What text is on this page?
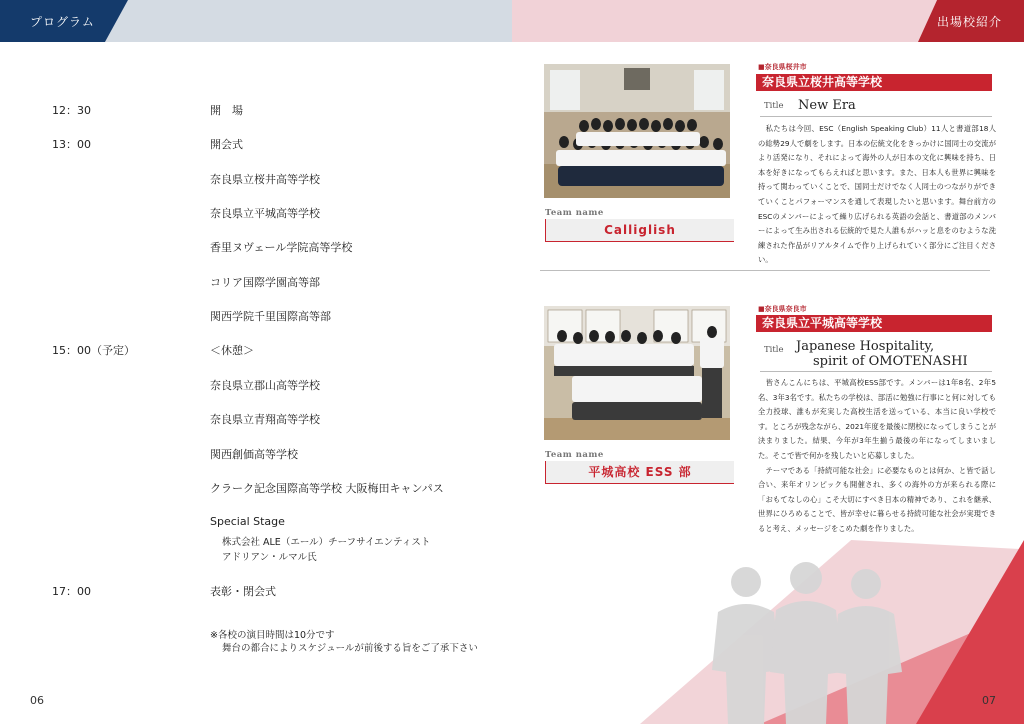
プログラム	出場校紹介
12：30
13：00
15：00（予定）
17：00
開　場
開会式
奈良県立桜井高等学校
奈良県立平城高等学校
香里ヌヴェール学院高等学校
コリア国際学園高等部
関西学院千里国際高等部
＜休憩＞
奈良県立郡山高等学校
奈良県立青翔高等学校
関西創価高等学校
クラーク記念国際高等学校 大阪梅田キャンパス
Special Stage
株式会社 ALE（エール）チーフサイエンティスト
アドリアン・ルマル氏
表彰・閉会式
※各校の演目時間は10分です
舞台の都合によりスケジュールが前後する旨をご了承下さい
06
Team name
Calliglish
■奈良県桜井市
奈良県立桜井高等学校
Title New Era
　私たちは今回、ESC（English Speaking Club）11人と書道部18人の総勢29人で劇をします。日本の伝統文化をきっかけに国同士の交流がより活発になり、それによって海外の人が日本の文化に興味を持ち、日本を好きになってもらえればと思います。また、日本人も世界に興味を持って関わっていくことで、国同士だけでなく人同士のつながりができていくことパフォーマンスを通して表現したいと思います。舞台前方のESCのメンバーによって繰り広げられる英語の会話と、書道部のメンバーによって生み出される伝統的で見た人誰もがハッと息をのむような洗練された作品がリアルタイムで作り上げられていく部分にご注目ください。
Team name
平城高校 ESS 部
■奈良県奈良市
奈良県立平城高等学校
Title Japanese Hospitality,
spirit of OMOTENASHI
　皆さんこんにちは、平城高校ESS部です。メンバーは1年8名、2年5名、3年3名です。私たちの学校は、部活に勉強に行事にと何に対しても全力投球、誰もが充実した高校生活を送っている、本当に良い学校です。ところが残念ながら、2021年度を最後に閉校になってしまうことが決まりました。結果、今年が3年生揃う最後の年になってしまいました。そこで皆で何かを残したいと応募しました。
　テーマである「持続可能な社会」に必要なものとは何か、と皆で話し合い、来年オリンピックも開催され、多くの海外の方が来られる際に「おもてなしの心」こそ大切にすべき日本の精神であり、これを継承、世界にひろめることで、皆が幸せに暮らせる持続可能な社会が実現できると考え、メッセージをこめた劇を作りました。
07
